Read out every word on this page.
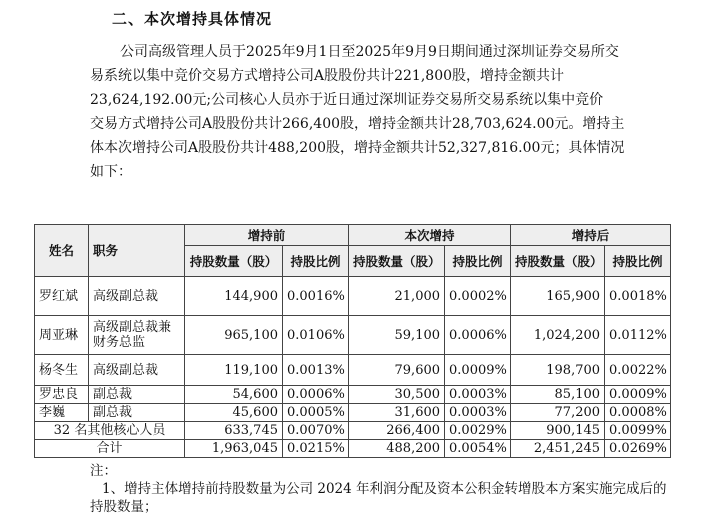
二、本次增持具体情况

公司高级管理人员于2025年9月1日至2025年9月9日期间通过深圳证券交易所交
易系统以集中竞价交易方式增持公司A股股份共计221,800股，增持金额共计
23,624,192.00元;公司核心人员亦于近日通过深圳证券交易所交易系统以集中竞价
交易方式增持公司A股股份共计266,400股，增持金额共计28,703,624.00元。增持主
体本次增持公司A股股份共计488,200股，增持金额共计52,327,816.00元；具体情况
如下：

姓名	职务	增持前		本次增持		增持后	
		持股数量（股）	持股比例	持股数量（股）	持股比例	持股数量（股）	持股比例
罗红斌	高级副总裁	144,900	0.0016%	21,000	0.0002%	165,900	0.0018%
周亚琳	高级副总裁兼财务总监	965,100	0.0106%	59,100	0.0006%	1,024,200	0.0112%
杨冬生	高级副总裁	119,100	0.0013%	79,600	0.0009%	198,700	0.0022%
罗忠良	副总裁	54,600	0.0006%	30,500	0.0003%	85,100	0.0009%
李巍	副总裁	45,600	0.0005%	31,600	0.0003%	77,200	0.0008%
32 名其他核心人员		633,745	0.0070%	266,400	0.0029%	900,145	0.0099%
合计		1,963,045	0.0215%	488,200	0.0054%	2,451,245	0.0269%
注：
1、增持主体增持前持股数量为公司 2024 年利润分配及资本公积金转增股本方案实施完成后的
持股数量；
